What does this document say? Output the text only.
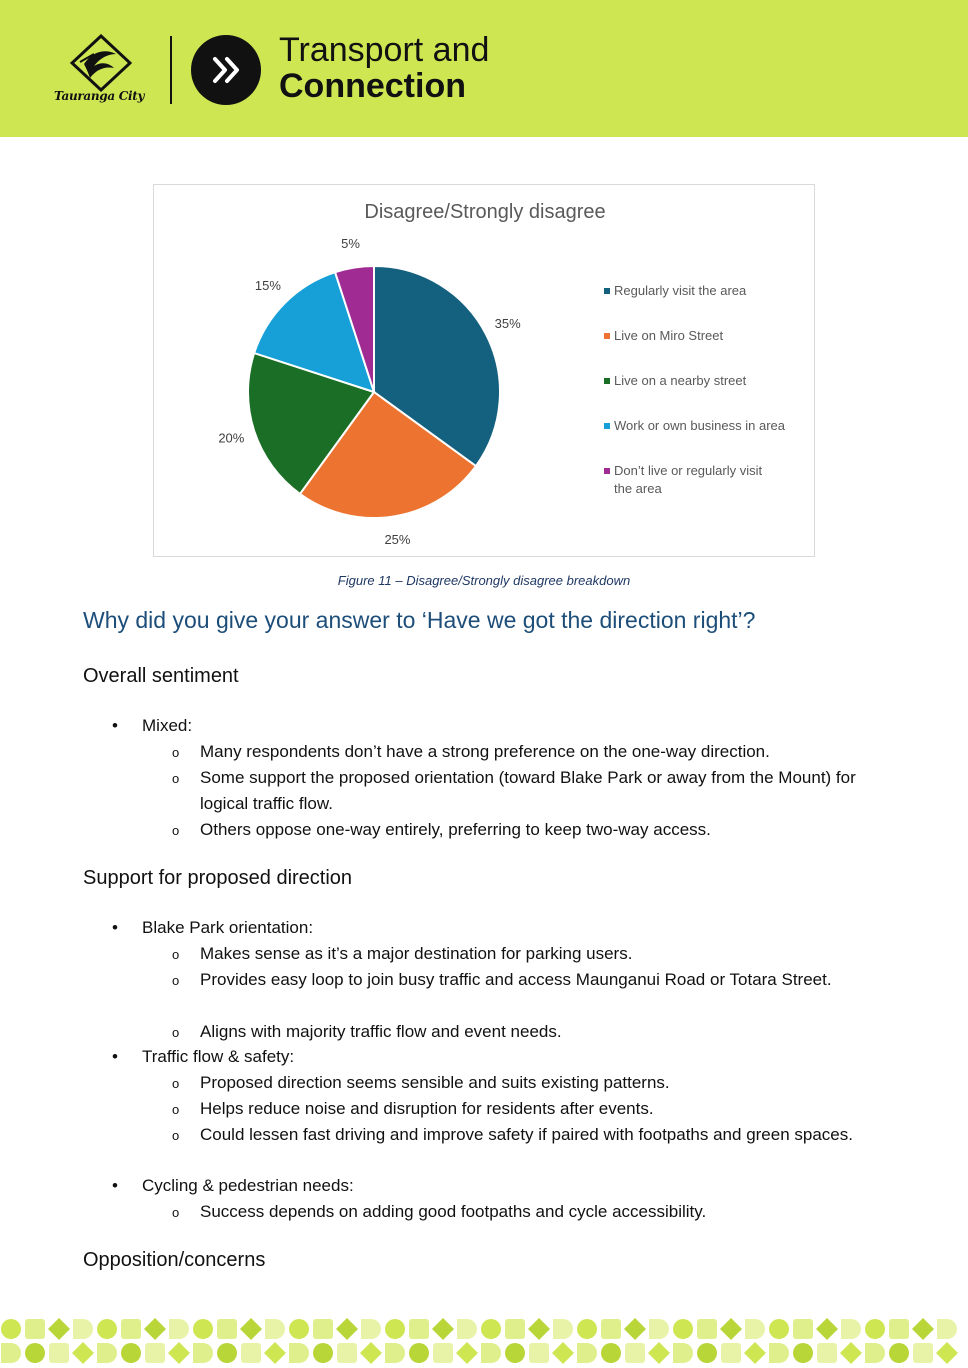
Tauranga City
Transport and
Connection
Disagree/Strongly disagree
35%
25%
20%
15%
5%
Regularly visit the area
Live on Miro Street
Live on a nearby street
Work or own business in area
Don’t live or regularly visit the area
Figure 11 – Disagree/Strongly disagree breakdown
Why did you give your answer to ‘Have we got the direction right’?
Overall sentiment
• Mixed:
o Many respondents don’t have a strong preference on the one-way direction.
o Some support the proposed orientation (toward Blake Park or away from the Mount) for logical traffic flow.
o Others oppose one-way entirely, preferring to keep two-way access.
Support for proposed direction
• Blake Park orientation:
o Makes sense as it’s a major destination for parking users.
o Provides easy loop to join busy traffic and access Maunganui Road or Totara Street.
o Aligns with majority traffic flow and event needs.
• Traffic flow & safety:
o Proposed direction seems sensible and suits existing patterns.
o Helps reduce noise and disruption for residents after events.
o Could lessen fast driving and improve safety if paired with footpaths and green spaces.
• Cycling & pedestrian needs:
o Success depends on adding good footpaths and cycle accessibility.
Opposition/concerns
